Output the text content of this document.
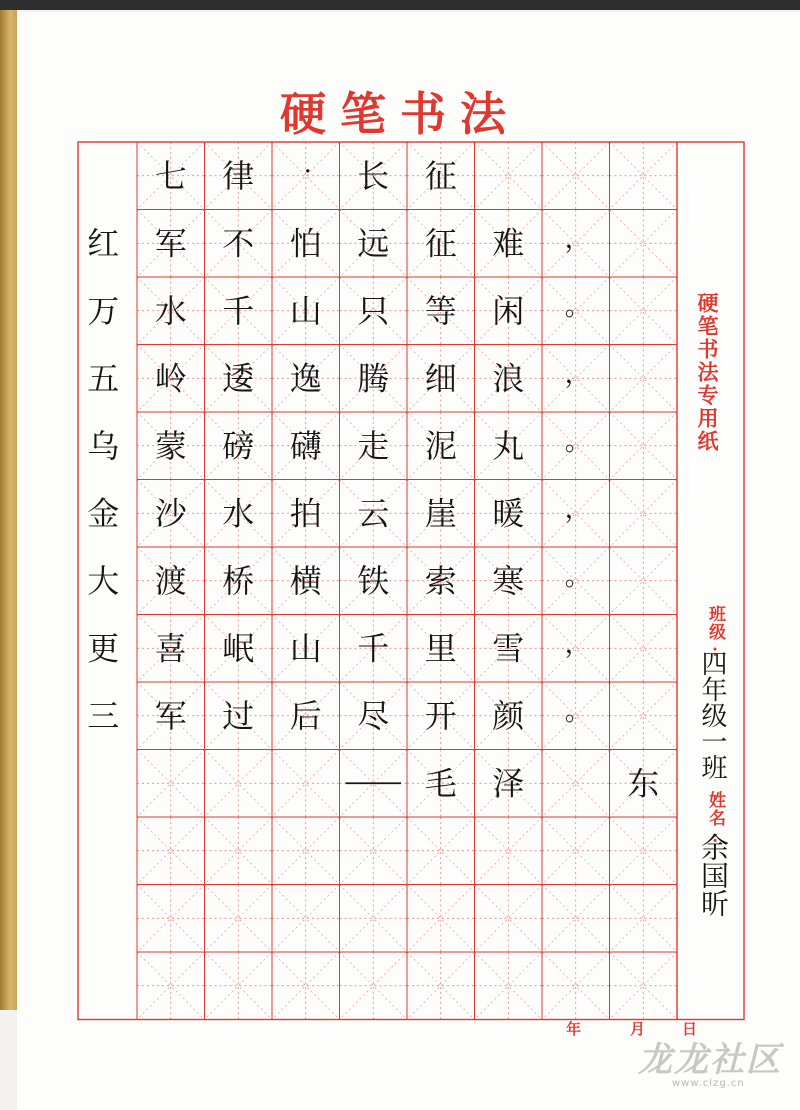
硬笔书法
东
，
。
，
。
，
。
，
。
难
闲
浪
丸
暖
寒
雪
颜
泽
征
征
等
细
泥
崖
索
里
开
毛
长
远
只
腾
走
云
铁
千
尽
·
怕
山
逸
礴
拍
横
山
后
律
不
千
逶
磅
水
桥
岷
过
七
军
水
岭
蒙
沙
渡
喜
军
红
万
五
乌
金
大
更
三
硬笔书法专用纸
班级:
四年级一班
姓名:
余国昕
年	月 日
龙龙社区
www.clzg.cn
